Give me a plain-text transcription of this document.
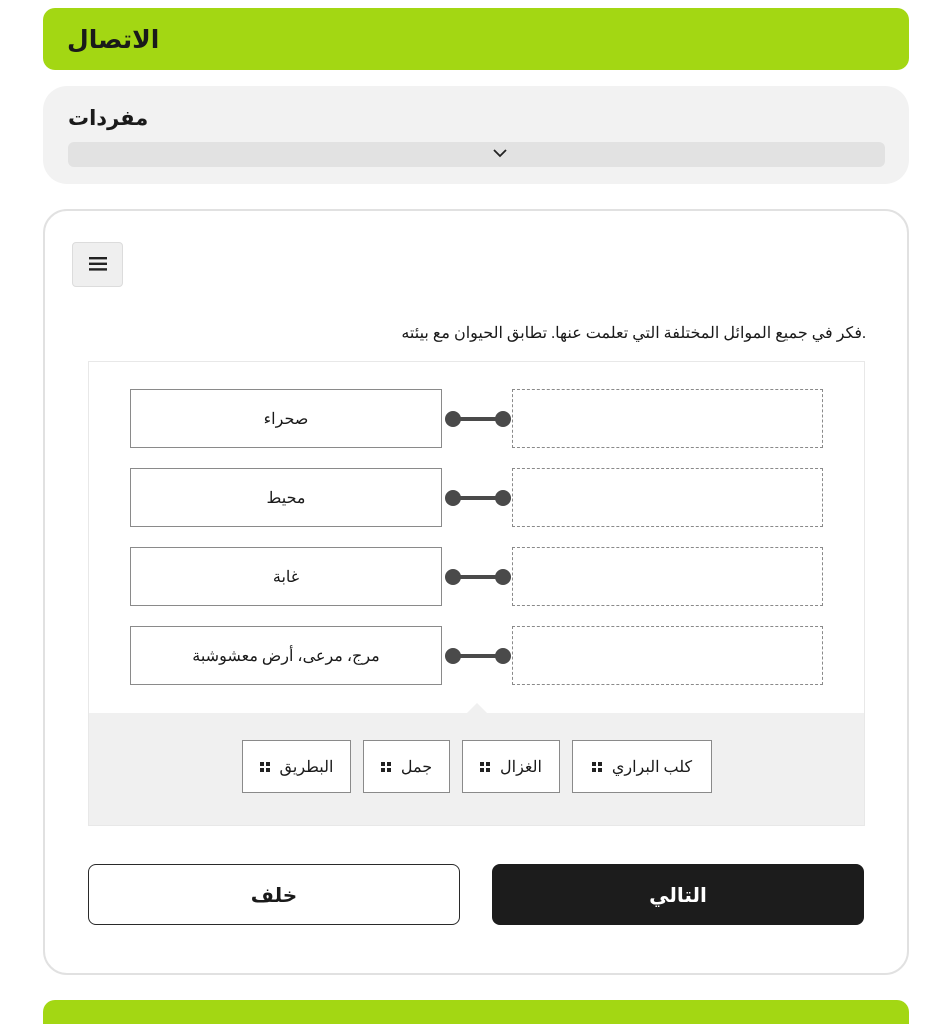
الاتصال
مفردات
.فكر في جميع الموائل المختلفة التي تعلمت عنها. تطابق الحيوان مع بيئته
صحراء
محيط
غابة
مرج، مرعى، أرض معشوشبة
كلب البراري
الغزال
جمل
البطريق
خلف	التالي
